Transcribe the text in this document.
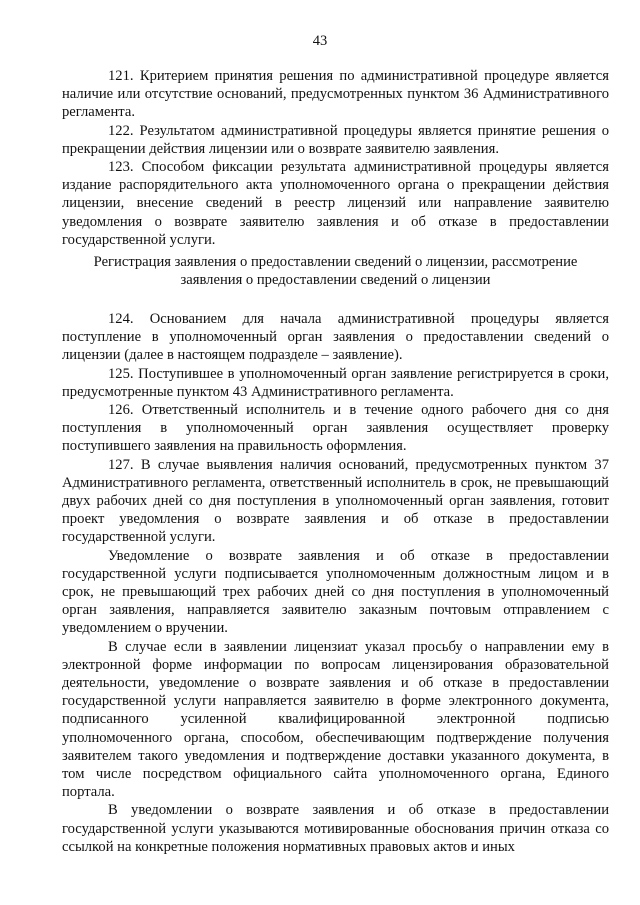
43

121. Критерием принятия решения по административной процедуре является наличие или отсутствие оснований, предусмотренных пунктом 36 Административного регламента.

122. Результатом административной процедуры является принятие решения о прекращении действия лицензии или о возврате заявителю заявления.

123. Способом фиксации результата административной процедуры является издание распорядительного акта уполномоченного органа о прекращении действия лицензии, внесение сведений в реестр лицензий или направление заявителю уведомления о возврате заявителю заявления и об отказе в предоставлении государственной услуги.

Регистрация заявления о предоставлении сведений о лицензии, рассмотрение заявления о предоставлении сведений о лицензии

124. Основанием для начала административной процедуры является поступление в уполномоченный орган заявления о предоставлении сведений о лицензии (далее в настоящем подразделе – заявление).

125. Поступившее в уполномоченный орган заявление регистрируется в сроки, предусмотренные пунктом 43 Административного регламента.

126. Ответственный исполнитель и в течение одного рабочего дня со дня поступления в уполномоченный орган заявления осуществляет проверку поступившего заявления на правильность оформления.

127. В случае выявления наличия оснований, предусмотренных пунктом 37 Административного регламента, ответственный исполнитель в срок, не превышающий двух рабочих дней со дня поступления в уполномоченный орган заявления, готовит проект уведомления о возврате заявления и об отказе в предоставлении государственной услуги.

Уведомление о возврате заявления и об отказе в предоставлении государственной услуги подписывается уполномоченным должностным лицом и в срок, не превышающий трех рабочих дней со дня поступления в уполномоченный орган заявления, направляется заявителю заказным почтовым отправлением с уведомлением о вручении.

В случае если в заявлении лицензиат указал просьбу о направлении ему в электронной форме информации по вопросам лицензирования образовательной деятельности, уведомление о возврате заявления и об отказе в предоставлении государственной услуги направляется заявителю в форме электронного документа, подписанного усиленной квалифицированной электронной подписью уполномоченного органа, способом, обеспечивающим подтверждение получения заявителем такого уведомления и подтверждение доставки указанного документа, в том числе посредством официального сайта уполномоченного органа, Единого портала.

В уведомлении о возврате заявления и об отказе в предоставлении государственной услуги указываются мотивированные обоснования причин отказа со ссылкой на конкретные положения нормативных правовых актов и иных
